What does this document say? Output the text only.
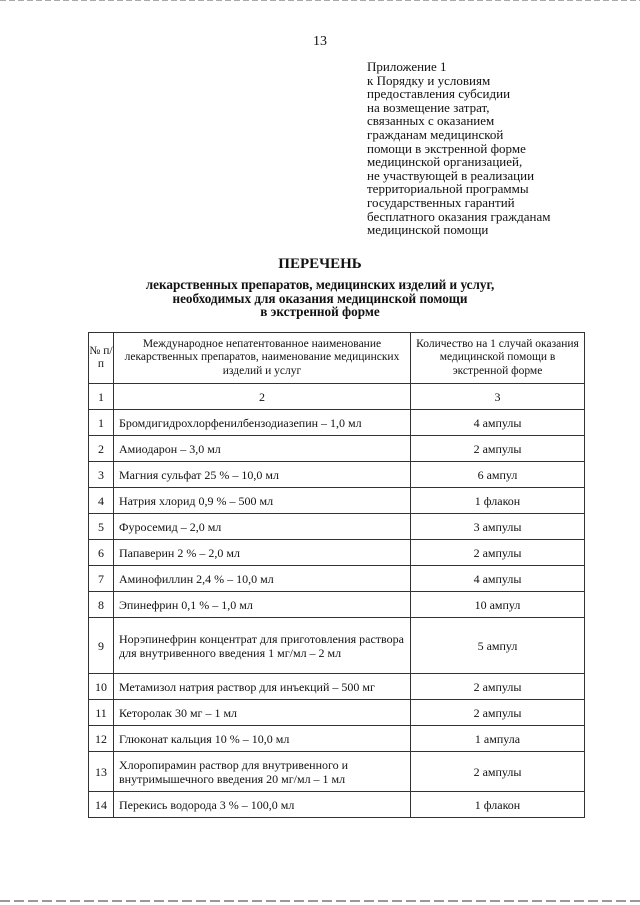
13
Приложение 1
к Порядку и условиям
предоставления субсидии
на возмещение затрат,
связанных с оказанием
гражданам медицинской
помощи в экстренной форме
медицинской организацией,
не участвующей в реализации
территориальной программы
государственных гарантий
бесплатного оказания гражданам
медицинской помощи
ПЕРЕЧЕНЬ
лекарственных препаратов, медицинских изделий и услуг,
необходимых для оказания медицинской помощи
в экстренной форме
№ п/п	Международное непатентованное наименование лекарственных препаратов, наименование медицинских изделий и услуг	Количество на 1 случай оказания медицинской помощи в экстренной форме
1	2	3
1	Бромдигидрохлорфенилбензодиазепин – 1,0 мл	4 ампулы
2	Амиодарон – 3,0 мл	2 ампулы
3	Магния сульфат 25 % – 10,0 мл	6 ампул
4	Натрия хлорид 0,9 % – 500 мл	1 флакон
5	Фуросемид – 2,0 мл	3 ампулы
6	Папаверин 2 % – 2,0 мл	2 ампулы
7	Аминофиллин 2,4 % – 10,0 мл	4 ампулы
8	Эпинефрин 0,1 % – 1,0 мл	10 ампул
9	Норэпинефрин концентрат для приготовления раствора для внутривенного введения 1 мг/мл – 2 мл	5 ампул
10	Метамизол натрия раствор для инъекций – 500 мг	2 ампулы
11	Кеторолак 30 мг – 1 мл	2 ампулы
12	Глюконат кальция 10 % – 10,0 мл	1 ампула
13	Хлоропирамин раствор для внутривенного и внутримышечного введения 20 мг/мл – 1 мл	2 ампулы
14	Перекись водорода 3 % – 100,0 мл	1 флакон
